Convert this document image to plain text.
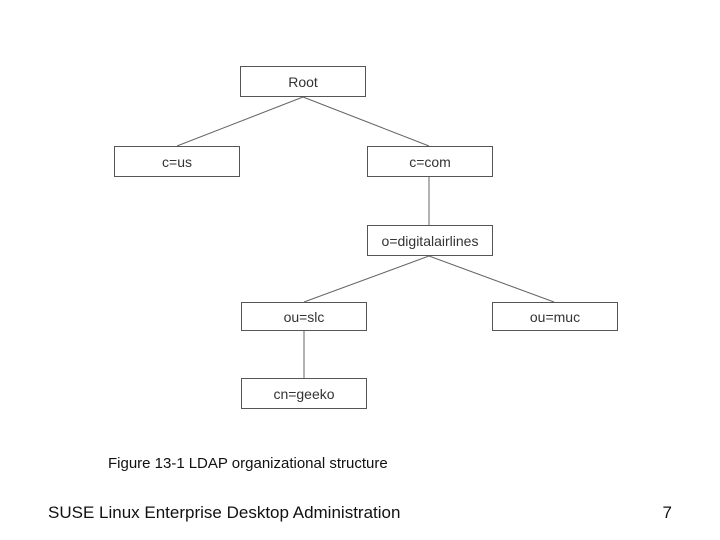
Root
c=us	c=com
o=digitalairlines
ou=slc	ou=muc
cn=geeko
Figure 13-1 LDAP organizational structure
SUSE Linux Enterprise Desktop Administration	7
